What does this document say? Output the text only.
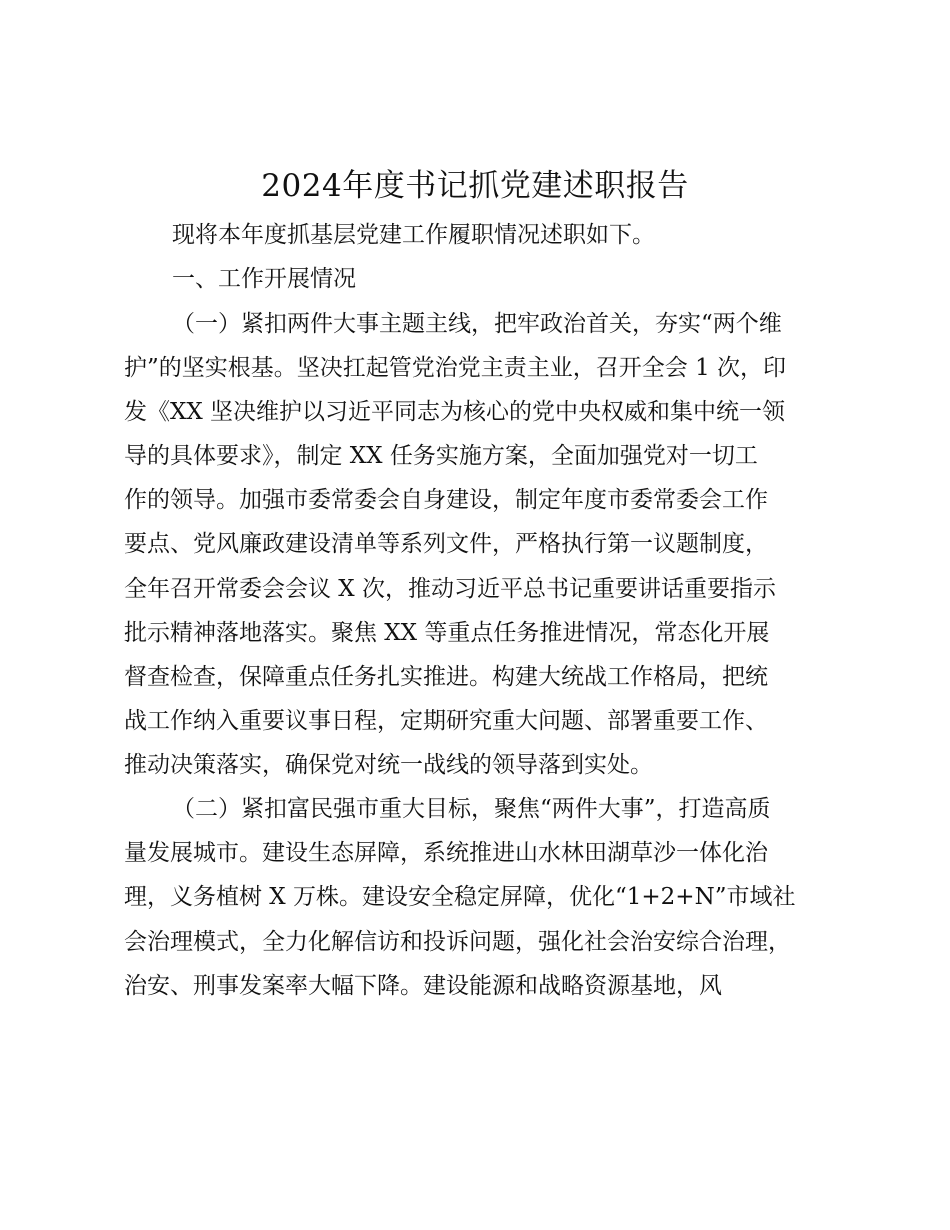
2024年度书记抓党建述职报告
现将本年度抓基层党建工作履职情况述职如下。
一、工作开展情况
（一）紧扣两件大事主题主线，把牢政治首关，夯实“两个维
护”的坚实根基。坚决扛起管党治党主责主业，召开全会 1 次，印
发《XX 坚决维护以习近平同志为核心的党中央权威和集中统一领
导的具体要求》，制定 XX 任务实施方案，全面加强党对一切工
作的领导。加强市委常委会自身建设，制定年度市委常委会工作
要点、党风廉政建设清单等系列文件，严格执行第一议题制度，
全年召开常委会会议 X 次，推动习近平总书记重要讲话重要指示
批示精神落地落实。聚焦 XX 等重点任务推进情况，常态化开展
督查检查，保障重点任务扎实推进。构建大统战工作格局，把统
战工作纳入重要议事日程，定期研究重大问题、部署重要工作、
推动决策落实，确保党对统一战线的领导落到实处。
（二）紧扣富民强市重大目标，聚焦“两件大事”，打造高质
量发展城市。建设生态屏障，系统推进山水林田湖草沙一体化治
理，义务植树 X 万株。建设安全稳定屏障，优化“1+2+N”市域社
会治理模式，全力化解信访和投诉问题，强化社会治安综合治理，
治安、刑事发案率大幅下降。建设能源和战略资源基地，风
